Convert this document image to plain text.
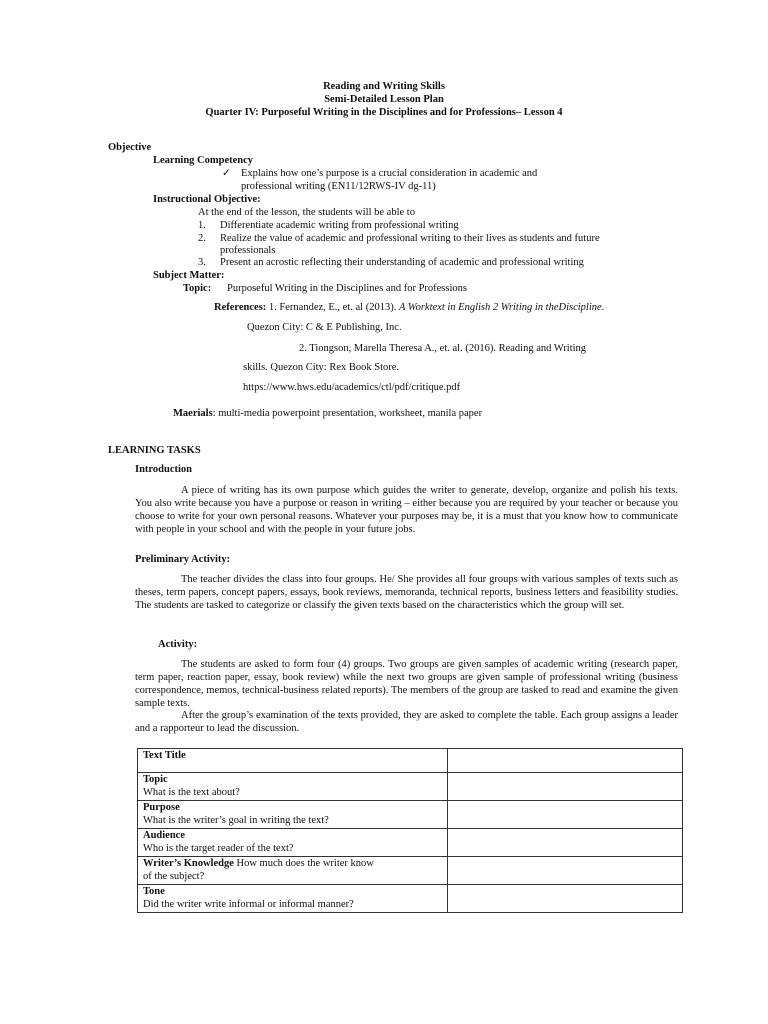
Reading and Writing Skills
Semi-Detailed Lesson Plan
Quarter IV: Purposeful Writing in the Disciplines and for Professions– Lesson 4
Objective
Learning Competency
✓ Explains how one’s purpose is a crucial consideration in academic and
professional writing (EN11/12RWS-IV dg-11)
Instructional Objective:
At the end of the lesson, the students will be able to
1. Differentiate academic writing from professional writing
2. Realize the value of academic and professional writing to their lives as students and future
professionals
3. Present an acrostic reflecting their understanding of academic and professional writing
Subject Matter:
Topic: Purposeful Writing in the Disciplines and for Professions
References: 1. Fernandez, E., et. al (2013). A Worktext in English 2 Writing in theDiscipline.
Quezon City: C & E Publishing, Inc.
2. Tiongson, Marella Theresa A., et. al. (2016). Reading and Writing
skills. Quezon City: Rex Book Store.
https://www.hws.edu/academics/ctl/pdf/critique.pdf
Maerials: multi-media powerpoint presentation, worksheet, manila paper
LEARNING TASKS
Introduction
A piece of writing has its own purpose which guides the writer to generate, develop, organize and polish his texts. You also write because you have a purpose or reason in writing – either because you are required by your teacher or because you choose to write for your own personal reasons. Whatever your purposes may be, it is a must that you know how to communicate with people in your school and with the people in your future jobs.
Preliminary Activity:
The teacher divides the class into four groups. He/ She provides all four groups with various samples of texts such as theses, term papers, concept papers, essays, book reviews, memoranda, technical reports, business letters and feasibility studies. The students are tasked to categorize or classify the given texts based on the characteristics which the group will set.
Activity:
The students are asked to form four (4) groups. Two groups are given samples of academic writing (research paper, term paper, reaction paper, essay, book review) while the next two groups are given sample of professional writing (business correspondence, memos, technical-business related reports). The members of the group are tasked to read and examine the given sample texts.
After the group’s examination of the texts provided, they are asked to complete the table. Each group assigns a leader and a rapporteur to lead the discussion.
Text Title	

Topic
What is the text about?	

Purpose
What is the writer’s goal in writing the text?	

Audience
Who is the target reader of the text?	

Writer’s Knowledge How much does the writer know
of the subject?	

Tone
Did the writer write informal or informal manner?	
